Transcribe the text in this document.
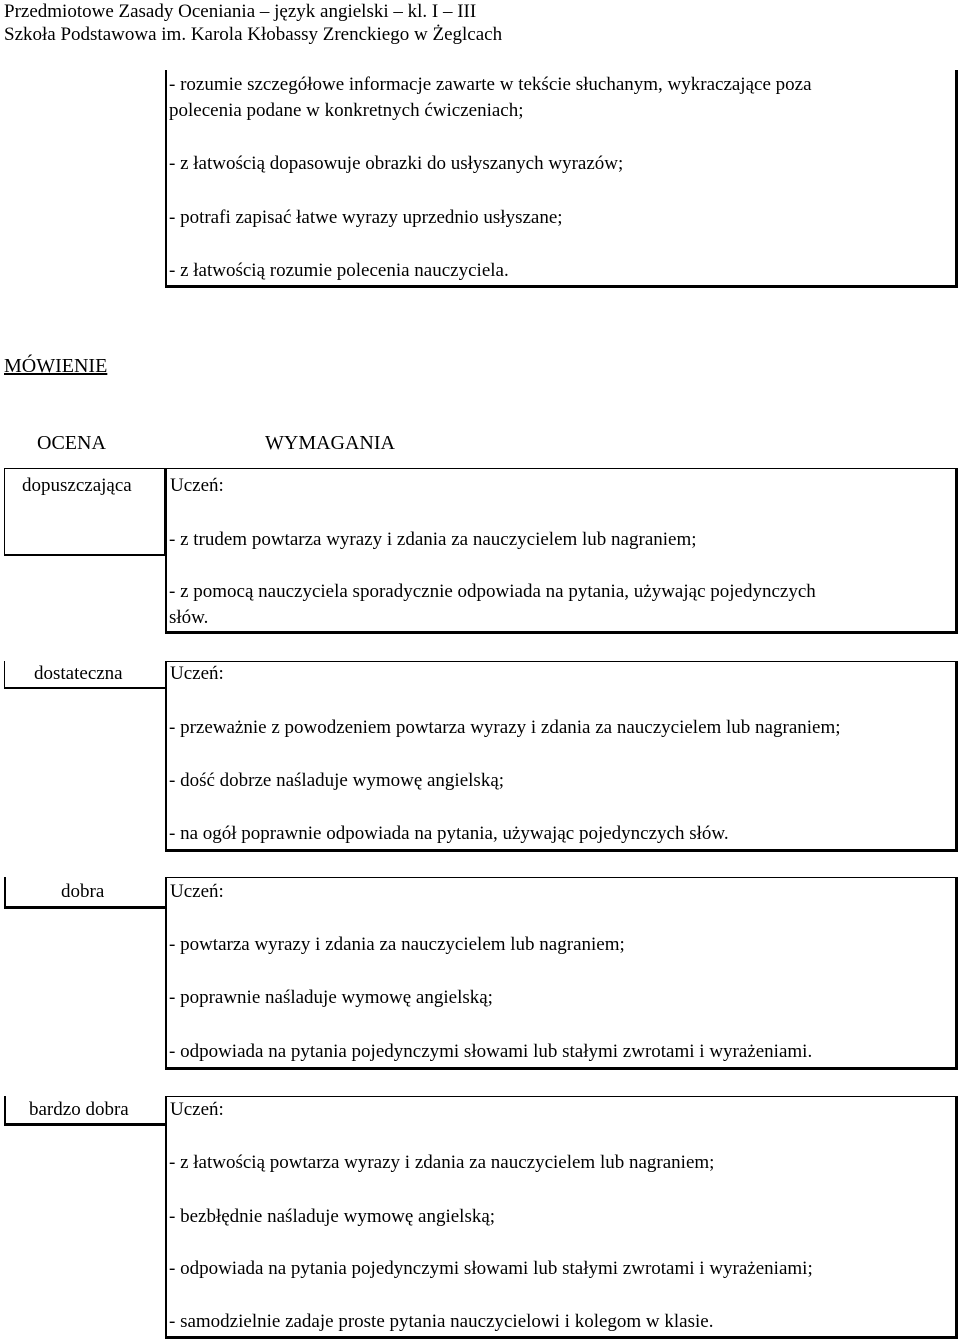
Przedmiotowe Zasady Oceniania – język angielski – kl. I – III
Szkoła Podstawowa im. Karola Kłobassy Zrenckiego w Żeglcach
- rozumie szczegółowe informacje zawarte w tekście słuchanym, wykraczające poza
polecenia podane w konkretnych ćwiczeniach;
- z łatwością dopasowuje obrazki do usłyszanych wyrazów;
- potrafi zapisać łatwe wyrazy uprzednio usłyszane;
- z łatwością rozumie polecenia nauczyciela.
MÓWIENIE
OCENA	WYMAGANIA
dopuszczająca Uczeń:
- z trudem powtarza wyrazy i zdania za nauczycielem lub nagraniem;
- z pomocą nauczyciela sporadycznie odpowiada na pytania, używając pojedynczych
słów.
dostateczna Uczeń:
- przeważnie z powodzeniem powtarza wyrazy i zdania za nauczycielem lub nagraniem;
- dość dobrze naśladuje wymowę angielską;
- na ogół poprawnie odpowiada na pytania, używając pojedynczych słów.
dobra	Uczeń:
- powtarza wyrazy i zdania za nauczycielem lub nagraniem;
- poprawnie naśladuje wymowę angielską;
- odpowiada na pytania pojedynczymi słowami lub stałymi zwrotami i wyrażeniami.
bardzo dobra Uczeń:
- z łatwością powtarza wyrazy i zdania za nauczycielem lub nagraniem;
- bezbłędnie naśladuje wymowę angielską;
- odpowiada na pytania pojedynczymi słowami lub stałymi zwrotami i wyrażeniami;
- samodzielnie zadaje proste pytania nauczycielowi i kolegom w klasie.
